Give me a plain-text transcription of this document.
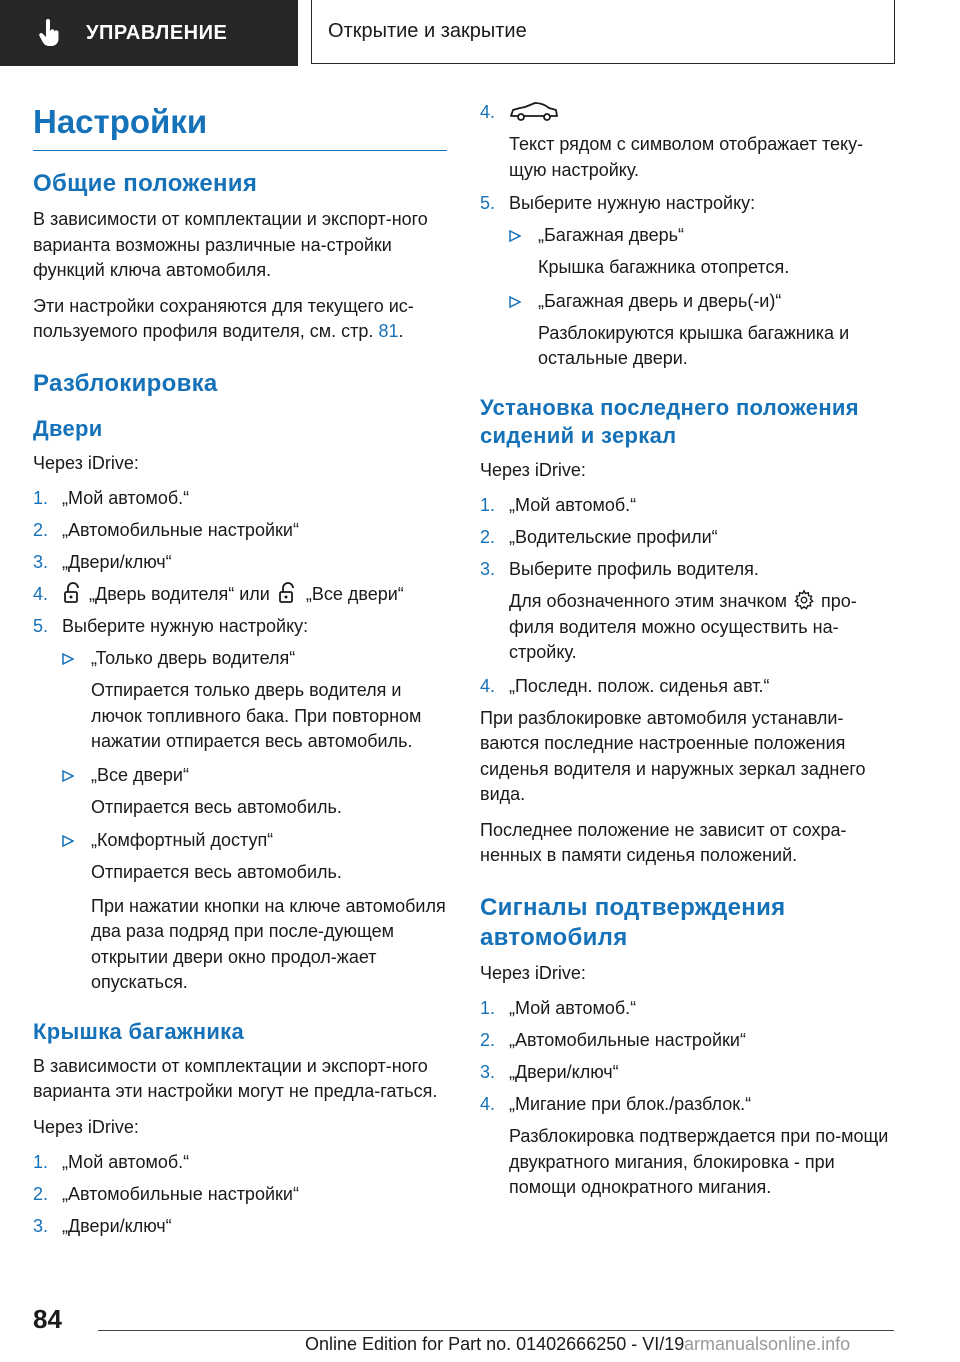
УПРАВЛЕНИЕ	Открытие и закрытие
Настройки
Общие положения

В зависимости от комплектации и экспорт-ного варианта возможны различные на-стройки функций ключа автомобиля.

Эти настройки сохраняются для текущего ис-пользуемого профиля водителя, см. стр. 81.

Разблокировка
Двери

Через iDrive:

1. „Мой автомоб.“
2. „Автомобильные настройки“
3. „Двери/ключ“
4. „Дверь водителя“ или „Все двери“
5. Выберите нужную настройку:
„Только дверь водителя“
Отпирается только дверь водителя и лючок топливного бака. При повторном нажатии отпирается весь автомобиль.
„Все двери“
Отпирается весь автомобиль.
„Комфортный доступ“
Отпирается весь автомобиль.
При нажатии кнопки на ключе автомобиля два раза подряд при после-дующем открытии двери окно продол-жает опускаться.
Крышка багажника

В зависимости от комплектации и экспорт-ного варианта эти настройки могут не предла-гаться.

Через iDrive:

1. „Мой автомоб.“
2. „Автомобильные настройки“
3. „Двери/ключ“
4.
Текст рядом с символом отображает теку-щую настройку.
5. Выберите нужную настройку:
„Багажная дверь“
Крышка багажника отопрется.
„Багажная дверь и дверь(-и)“
Разблокируются крышка багажника и остальные двери.
Установка последнего положения сидений и зеркал

Через iDrive:

1. „Мой автомоб.“
2. „Водительские профили“
3. Выберите профиль водителя.
Для обозначенного этим значком про-филя водителя можно осуществить на-стройку.
4. „Последн. полож. сиденья авт.“

При разблокировке автомобиля устанавли-ваются последние настроенные положения сиденья водителя и наружных зеркал заднего вида.

Последнее положение не зависит от сохра-ненных в памяти сиденья положений.

Сигналы подтверждения автомобиля

Через iDrive:

1. „Мой автомоб.“
2. „Автомобильные настройки“
3. „Двери/ключ“
4. „Мигание при блок./разблок.“
Разблокировка подтверждается при по-мощи двукратного мигания, блокировка - при помощи однократного мигания.
84
Online Edition for Part no. 01402666250 - VI/19 armanualsonline.info
